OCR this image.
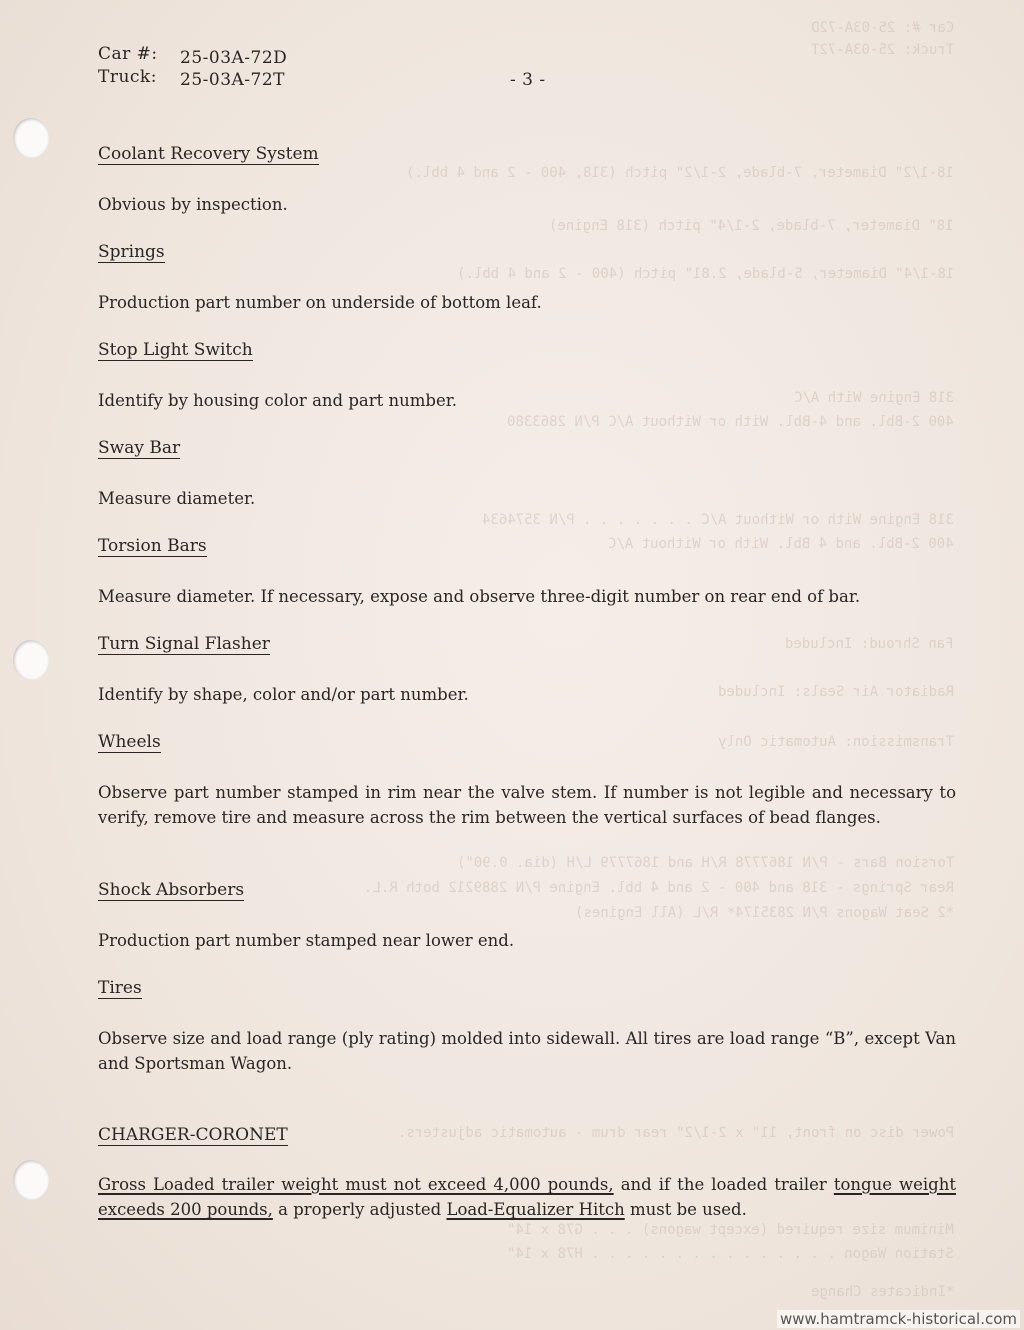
Car #: 25-03A-72D
Truck: 25-03A-72T
18-1/2" Diameter, 7-blade, 2-1/2" pitch (318, 400 - 2 and 4 bbl.)
18" Diameter, 7-blade, 2-1/4" pitch (318 Engine)
18-1/4" Diameter, 5-blade, 2.81" pitch (400 - 2 and 4 bbl.)
318 Engine With A/C
400 2-Bbl. and 4-Bbl. With or Without A/C P/N 2863380
318 Engine With or Without A/C . . . . . . . P/N 3574634
400 2-Bbl. and 4 Bbl. With or Without A/C
Fan Shroud: Included
Radiator Air Seals: Included
Transmission: Automatic Only
Torsion Bars - P/N 1867778 R/H and 1867779 L/H (dia. 0.90")
Rear Springs - 318 and 400 - 2 and 4 bbl. Engine P/N 2889212 both R.L.
*2 Seat Wagons P/N 2835174* R/L (All Engines)
Power disc on front, 11" x 2-1/2" rear drum - automatic adjusters.
Minimum size required (except wagons) . . . G78 x 14"
Station Wagon . . . . . . . . . . . . . . . H78 x 14"
*Indicates Change
Car #: 25-03A-72D
Truck: 25-03A-72T	- 3 -
Coolant Recovery System
Obvious by inspection.
Springs
Production part number on underside of bottom leaf.
Stop Light Switch
Identify by housing color and part number.
Sway Bar
Measure diameter.
Torsion Bars
Measure diameter. If necessary, expose and observe three-digit number on rear end of bar.
Turn Signal Flasher
Identify by shape, color and/or part number.
Wheels
Observe part number stamped in rim near the valve stem. If number is not legible and necessary to verify, remove tire and measure across the rim between the vertical surfaces of bead flanges.
Shock Absorbers
Production part number stamped near lower end.
Tires
Observe size and load range (ply rating) molded into sidewall. All tires are load range “B”, except Van and Sportsman Wagon.
CHARGER-CORONET
Gross Loaded trailer weight must not exceed 4,000 pounds, and if the loaded trailer tongue weight exceeds 200 pounds, a properly adjusted Load-Equalizer Hitch must be used.
www.hamtramck-historical.com
